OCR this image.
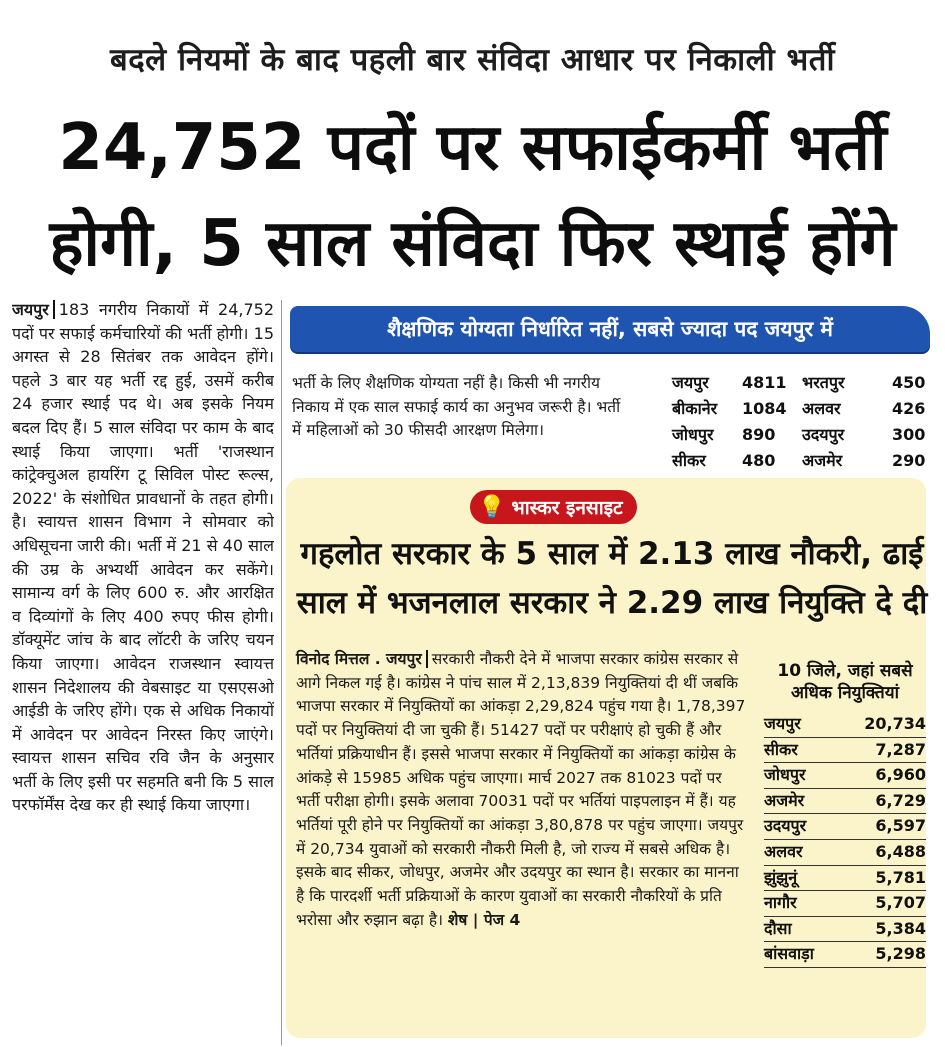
बदले नियमों के बाद पहली बार संविदा आधार पर निकाली भर्ती
24,752 पदों पर सफाईकर्मी भर्ती
होगी, 5 साल संविदा फिर स्थाई होंगे
जयपुर 183 नगरीय निकायों में 24,752 पदों पर सफाई कर्मचारियों की भर्ती होगी। 15 अगस्त से 28 सितंबर तक आवेदन होंगे। पहले 3 बार यह भर्ती रद्द हुई, उसमें करीब 24 हजार स्थाई पद थे। अब इसके नियम बदल दिए हैं। 5 साल संविदा पर काम के बाद स्थाई किया जाएगा। भर्ती 'राजस्थान कांट्रेक्चुअल हायरिंग टू सिविल पोस्ट रूल्स, 2022' के संशोधित प्रावधानों के तहत होगी। है। स्वायत्त शासन विभाग ने सोमवार को अधिसूचना जारी की। भर्ती में 21 से 40 साल की उम्र के अभ्यर्थी आवेदन कर सकेंगे। सामान्य वर्ग के लिए 600 रु. और आरक्षित व दिव्यांगों के लिए 400 रुपए फीस होगी। डॉक्यूमेंट जांच के बाद लॉटरी के जरिए चयन किया जाएगा। आवेदन राजस्थान स्वायत्त शासन निदेशालय की वेबसाइट या एसएसओ आईडी के जरिए होंगे। एक से अधिक निकायों में आवेदन पर आवेदन निरस्त किए जाएंगे। स्वायत्त शासन सचिव रवि जैन के अनुसार भर्ती के लिए इसी पर सहमति बनी कि 5 साल परफॉर्मेंस देख कर ही स्थाई किया जाएगा।
शैक्षणिक योग्यता निर्धारित नहीं, सबसे ज्यादा पद जयपुर में
भर्ती के लिए शैक्षणिक योग्यता नहीं है। किसी भी नगरीय निकाय में एक साल सफाई कार्य का अनुभव जरूरी है। भर्ती में महिलाओं को 30 फीसदी आरक्षण मिलेगा।
जयपुर	4811 भरतपुर	450
बीकानेर	1084 अलवर	426
जोधपुर	890	उदयपुर	300
सीकर	480	अजमेर	290
💡 भास्कर इनसाइट
गहलोत सरकार के 5 साल में 2.13 लाख नौकरी, ढाई
साल में भजनलाल सरकार ने 2.29 लाख नियुक्ति दे दी
विनोद मित्तल . जयपुर सरकारी नौकरी देने में भाजपा सरकार कांग्रेस सरकार से आगे निकल गई है। कांग्रेस ने पांच साल में 2,13,839 नियुक्तियां दी थीं जबकि भाजपा सरकार में नियुक्तियों का आंकड़ा 2,29,824 पहुंच गया है। 1,78,397 पदों पर नियुक्तियां दी जा चुकी हैं। 51427 पदों पर परीक्षाएं हो चुकी हैं और भर्तियां प्रक्रियाधीन हैं। इससे भाजपा सरकार में नियुक्तियों का आंकड़ा कांग्रेस के आंकड़े से 15985 अधिक पहुंच जाएगा। मार्च 2027 तक 81023 पदों पर भर्ती परीक्षा होगी। इसके अलावा 70031 पदों पर भर्तियां पाइपलाइन में हैं। यह भर्तियां पूरी होने पर नियुक्तियों का आंकड़ा 3,80,878 पर पहुंच जाएगा। जयपुर में 20,734 युवाओं को सरकारी नौकरी मिली है, जो राज्य में सबसे अधिक है। इसके बाद सीकर, जोधपुर, अजमेर और उदयपुर का स्थान है। सरकार का मानना है कि पारदर्शी भर्ती प्रक्रियाओं के कारण युवाओं का सरकारी नौकरियों के प्रति भरोसा और रुझान बढ़ा है। शेष | पेज 4
10 जिले, जहां सबसे अधिक नियुक्तियां
जयपुर	20,734
सीकर	7,287
जोधपुर	6,960
अजमेर	6,729
उदयपुर	6,597
अलवर	6,488
झुंझुनूं	5,781
नागौर	5,707
दौसा	5,384
बांसवाड़ा	5,298
